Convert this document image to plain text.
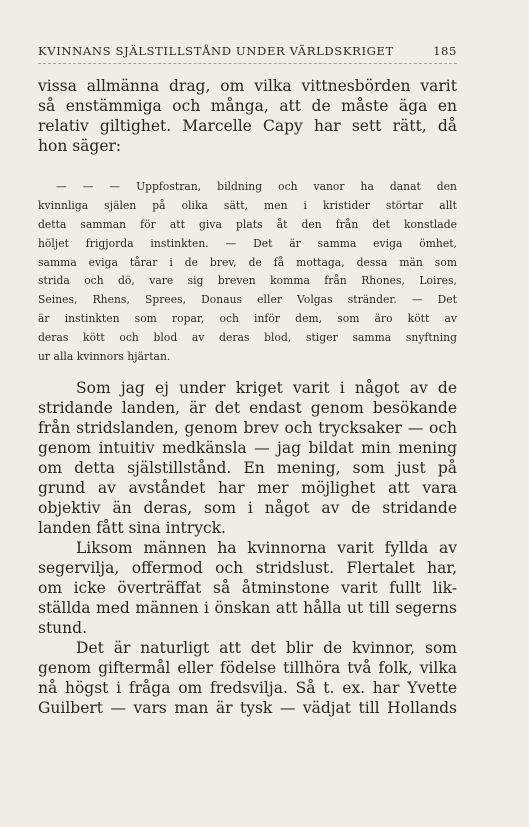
KVINNANS SJÄLSTILLSTÅND UNDER VÄRLDSKRIGET	185
vissa allmänna drag, om vilka vittnesbörden varit
så enstämmiga och många, att de måste äga en
relativ giltighet. Marcelle Capy har sett rätt, då
hon säger:
— — — Uppfostran, bildning och vanor ha danat den
kvinnliga själen på olika sätt, men i kristider störtar allt
detta samman för att giva plats åt den från det konstlade
höljet frigjorda instinkten. — Det är samma eviga ömhet,
samma eviga tårar i de brev, de få mottaga, dessa män som
strida och dö, vare sig breven komma från Rhones, Loires,
Seines, Rhens, Sprees, Donaus eller Volgas stränder. — Det
är instinkten som ropar, och inför dem, som äro kött av
deras kött och blod av deras blod, stiger samma snyftning
ur alla kvinnors hjärtan.
Som jag ej under kriget varit i något av de
stridande landen, är det endast genom besökande
från stridslanden, genom brev och trycksaker — och
genom intuitiv medkänsla — jag bildat min mening
om detta själstillstånd. En mening, som just på
grund av avståndet har mer möjlighet att vara
objektiv än deras, som i något av de stridande
landen fått sina intryck.
Liksom männen ha kvinnorna varit fyllda av
segervilja, offermod och stridslust. Flertalet har,
om icke överträffat så åtminstone varit fullt lik-
ställda med männen i önskan att hålla ut till segerns
stund.
Det är naturligt att det blir de kvinnor, som
genom giftermål eller födelse tillhöra två folk, vilka
nå högst i fråga om fredsvilja. Så t. ex. har Yvette
Guilbert — vars man är tysk — vädjat till Hollands
